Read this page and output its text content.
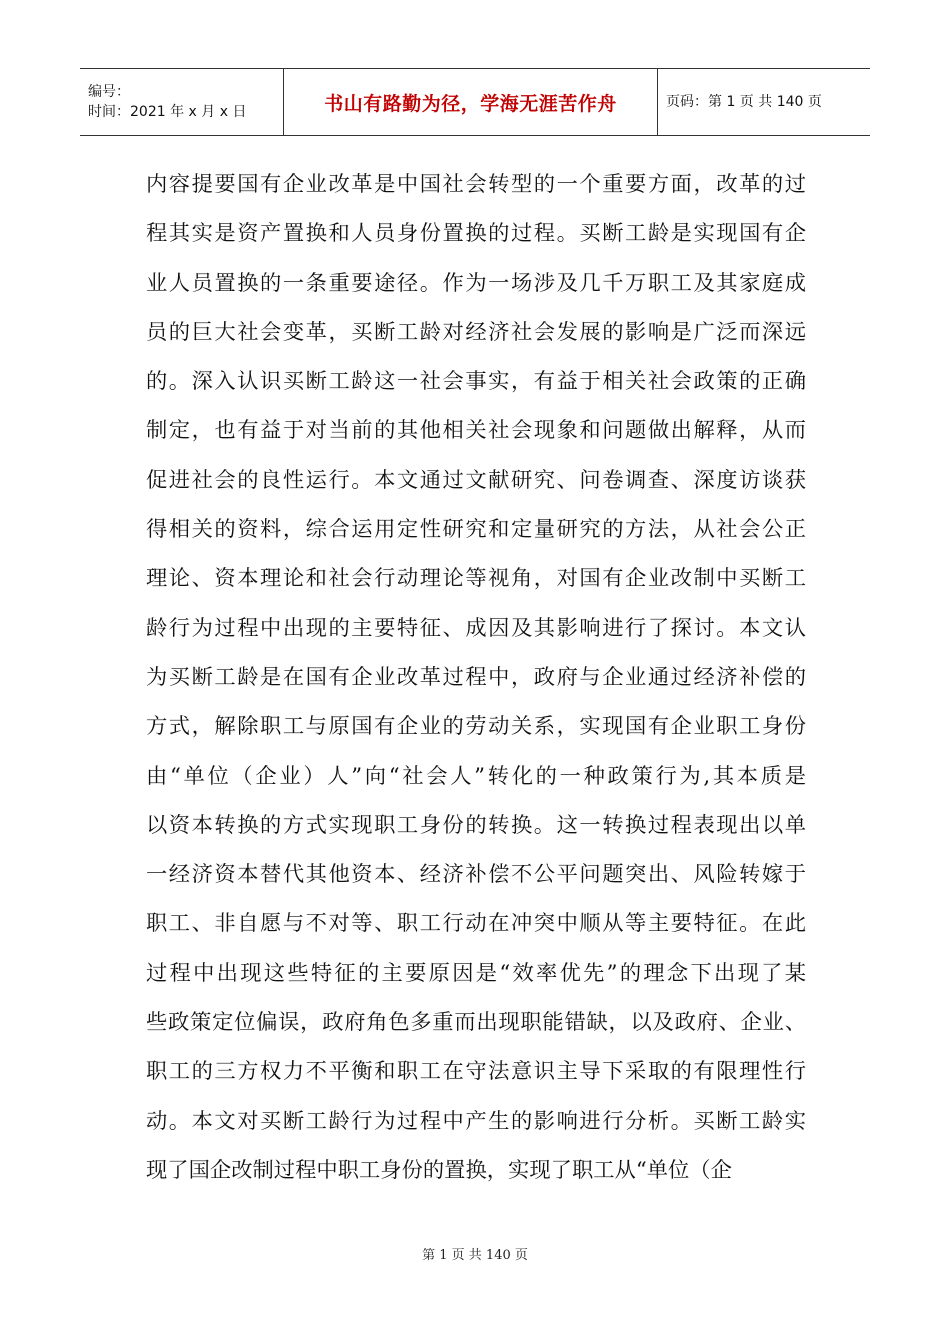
编号：
时间：2021 年 x 月 x 日	书山有路勤为径，学海无涯苦作舟	页码：第 1 页 共 140 页
内容提要国有企业改革是中国社会转型的一个重要方面，改革的过
程其实是资产置换和人员身份置换的过程。买断工龄是实现国有企
业人员置换的一条重要途径。作为一场涉及几千万职工及其家庭成
员的巨大社会变革，买断工龄对经济社会发展的影响是广泛而深远
的。深入认识买断工龄这一社会事实，有益于相关社会政策的正确
制定，也有益于对当前的其他相关社会现象和问题做出解释，从而
促进社会的良性运行。本文通过文献研究、问卷调查、深度访谈获
得相关的资料，综合运用定性研究和定量研究的方法，从社会公正
理论、资本理论和社会行动理论等视角，对国有企业改制中买断工
龄行为过程中出现的主要特征、成因及其影响进行了探讨。本文认
为买断工龄是在国有企业改革过程中，政府与企业通过经济补偿的
方式，解除职工与原国有企业的劳动关系，实现国有企业职工身份
由“单位（企业）人”向“社会人”转化的一种政策行为,其本质是
以资本转换的方式实现职工身份的转换。这一转换过程表现出以单
一经济资本替代其他资本、经济补偿不公平问题突出、风险转嫁于
职工、非自愿与不对等、职工行动在冲突中顺从等主要特征。在此
过程中出现这些特征的主要原因是“效率优先”的理念下出现了某
些政策定位偏误，政府角色多重而出现职能错缺，以及政府、企业、
职工的三方权力不平衡和职工在守法意识主导下采取的有限理性行
动。本文对买断工龄行为过程中产生的影响进行分析。买断工龄实
现了国企改制过程中职工身份的置换，实现了职工从“单位（企
第 1 页 共 140 页
